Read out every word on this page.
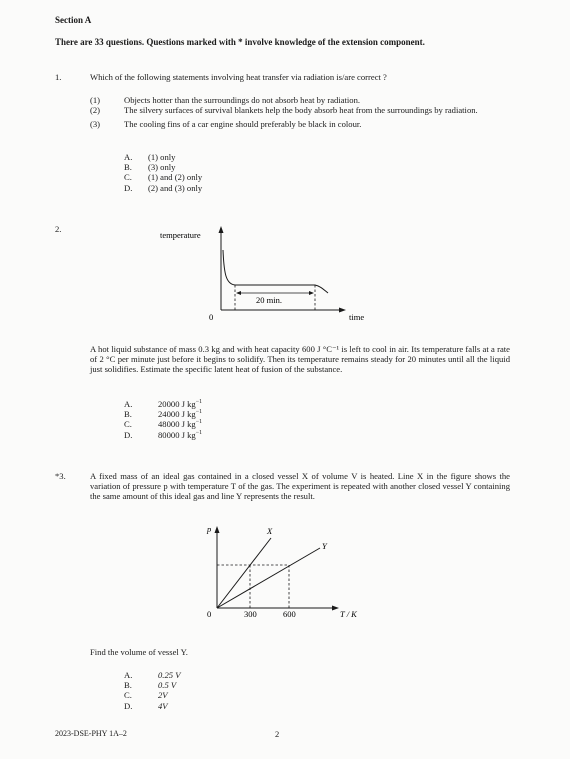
Section A
There are 33 questions. Questions marked with * involve knowledge of the extension component.
1.	Which of the following statements involving heat transfer via radiation is/are correct ?
(1)	Objects hotter than the surroundings do not absorb heat by radiation.
(2)	The silvery surfaces of survival blankets help the body absorb heat from the surroundings by radiation.
(3)	The cooling fins of a car engine should preferably be black in colour.
A.	(1) only
B.	(3) only
C.	(1) and (2) only
D.	(2) and (3) only
2.
20 min.
temperature
time
0
A hot liquid substance of mass 0.3 kg and with heat capacity 600 J °C⁻¹ is left to cool in air. Its temperature falls at a rate of 2 °C per minute just before it begins to solidify. Then its temperature remains steady for 20 minutes until all the liquid just solidifies. Estimate the specific latent heat of fusion of the substance.
A.	20000 J $kg^{-1}$
B.	24000 J $kg^{-1}$
C.	48000 J $kg^{-1}$
D.	80000 J $kg^{-1}$
*3.	A fixed mass of an ideal gas contained in a closed vessel X of volume V is heated. Line X in the figure shows the variation of pressure p with temperature T of the gas. The experiment is repeated with another closed vessel Y containing the same amount of this ideal gas and line Y represents the result.
p	X
Y
0	300	600	T / K
Find the volume of vessel Y.
A.	0.25 V
B.	0.5 V
C.	2V
D.	4V
2023-DSE-PHY 1A–2	2
